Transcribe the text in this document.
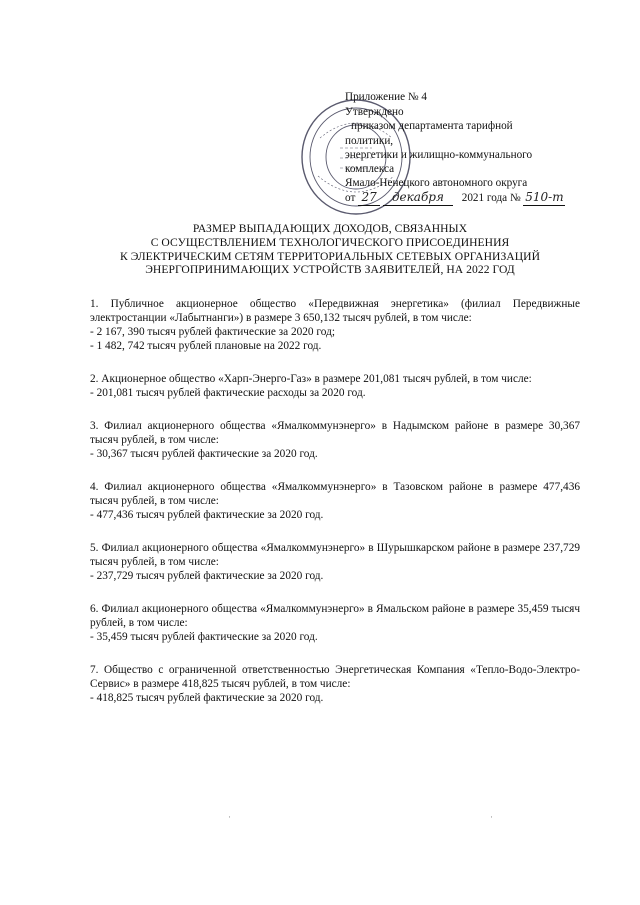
Приложение № 4
Утверждено
приказом департамента тарифной
политики,
энергетики и жилищно-коммунального
комплекса
Ямало-Ненецкого автономного округа
от 27 декабря 2021 года № 510-т
РАЗМЕР ВЫПАДАЮЩИХ ДОХОДОВ, СВЯЗАННЫХ
С ОСУЩЕСТВЛЕНИЕМ ТЕХНОЛОГИЧЕСКОГО ПРИСОЕДИНЕНИЯ
К ЭЛЕКТРИЧЕСКИМ СЕТЯМ ТЕРРИТОРИАЛЬНЫХ СЕТЕВЫХ ОРГАНИЗАЦИЙ
ЭНЕРГОПРИНИМАЮЩИХ УСТРОЙСТВ ЗАЯВИТЕЛЕЙ, НА 2022 ГОД
1. Публичное акционерное общество «Передвижная энергетика» (филиал Передвижные электростанции «Лабытнанги») в размере 3 650,132 тысяч рублей, в том числе:
- 2 167, 390 тысяч рублей фактические за 2020 год;
- 1 482, 742 тысяч рублей плановые на 2022 год.
2. Акционерное общество «Харп-Энерго-Газ» в размере 201,081 тысяч рублей, в том числе:
- 201,081 тысяч рублей фактические расходы за 2020 год.
3. Филиал акционерного общества «Ямалкоммунэнерго» в Надымском районе в размере 30,367 тысяч рублей, в том числе:
- 30,367 тысяч рублей фактические за 2020 год.
4. Филиал акционерного общества «Ямалкоммунэнерго» в Тазовском районе в размере 477,436 тысяч рублей, в том числе:
- 477,436 тысяч рублей фактические за 2020 год.
5. Филиал акционерного общества «Ямалкоммунэнерго» в Шурышкарском районе в размере 237,729 тысяч рублей, в том числе:
- 237,729 тысяч рублей фактические за 2020 год.
6. Филиал акционерного общества «Ямалкоммунэнерго» в Ямальском районе в размере 35,459 тысяч рублей, в том числе:
- 35,459 тысяч рублей фактические за 2020 год.
7. Общество с ограниченной ответственностью Энергетическая Компания «Тепло-Водо-Электро-Сервис» в размере 418,825 тысяч рублей, в том числе:
- 418,825 тысяч рублей фактические за 2020 год.
·	·
